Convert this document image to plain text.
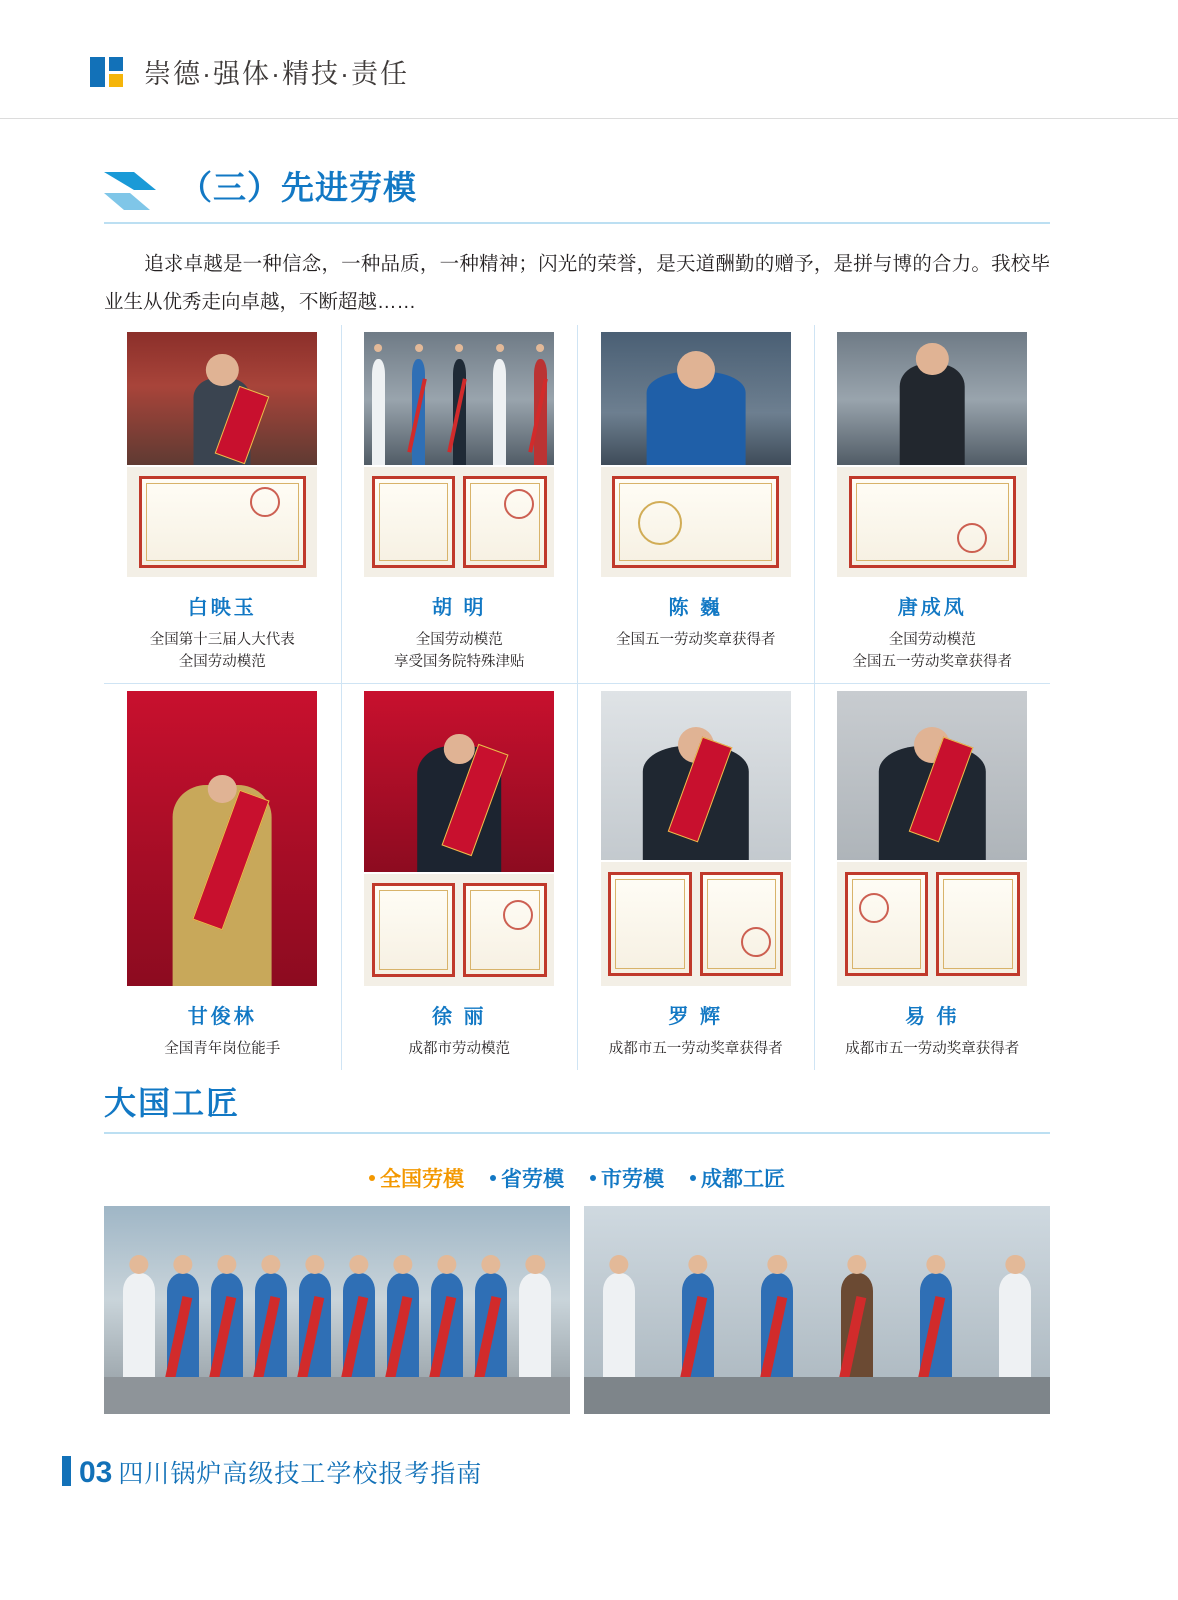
崇德·强体·精技·责任
（三）先进劳模
追求卓越是一种信念，一种品质，一种精神；闪光的荣誉，是天道酬勤的赠予，是拼与博的合力。我校毕业生从优秀走向卓越，不断超越……
白映玉
全国第十三届人大代表
全国劳动模范
胡 明
全国劳动模范
享受国务院特殊津贴
陈 巍
全国五一劳动奖章获得者
唐成凤
全国劳动模范
全国五一劳动奖章获得者
甘俊林
全国青年岗位能手
徐 丽
成都市劳动模范
罗 辉
成都市五一劳动奖章获得者
易 伟
成都市五一劳动奖章获得者
大国工匠
全国劳模 省劳模 市劳模 成都工匠
03 四川锅炉高级技工学校报考指南
